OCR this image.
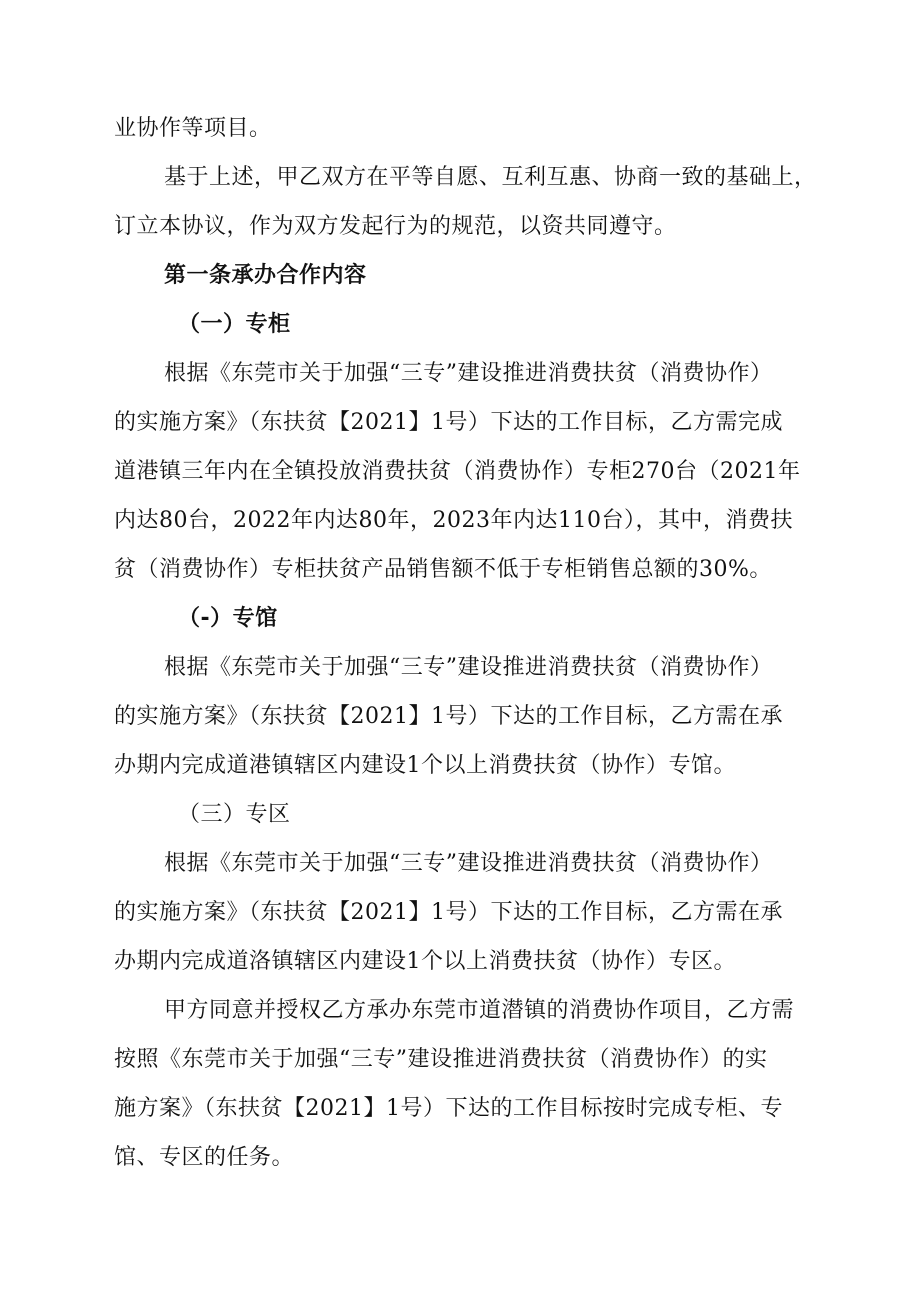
业协作等项目。
基于上述，甲乙双方在平等自愿、互利互惠、协商一致的基础上，
订立本协议，作为双方发起行为的规范，以资共同遵守。
第一条承办合作内容
（一）专柜
根据《东莞市关于加强“三专”建设推进消费扶贫（消费协作）
的实施方案》（东扶贫【2021】1号）下达的工作目标，乙方需完成
道港镇三年内在全镇投放消费扶贫（消费协作）专柜270台（2021年
内达80台，2022年内达80年，2023年内达110台），其中，消费扶
贫（消费协作）专柜扶贫产品销售额不低于专柜销售总额的30%。
（-）专馆
根据《东莞市关于加强“三专”建设推进消费扶贫（消费协作）
的实施方案》（东扶贫【2021】1号）下达的工作目标，乙方需在承
办期内完成道港镇辖区内建设1个以上消费扶贫（协作）专馆。
（三）专区
根据《东莞市关于加强“三专”建设推进消费扶贫（消费协作）
的实施方案》（东扶贫【2021】1号）下达的工作目标，乙方需在承
办期内完成道洛镇辖区内建设1个以上消费扶贫（协作）专区。
甲方同意并授权乙方承办东莞市道潜镇的消费协作项目，乙方需
按照《东莞市关于加强“三专”建设推进消费扶贫（消费协作）的实
施方案》（东扶贫【2021】1号）下达的工作目标按时完成专柜、专
馆、专区的任务。
